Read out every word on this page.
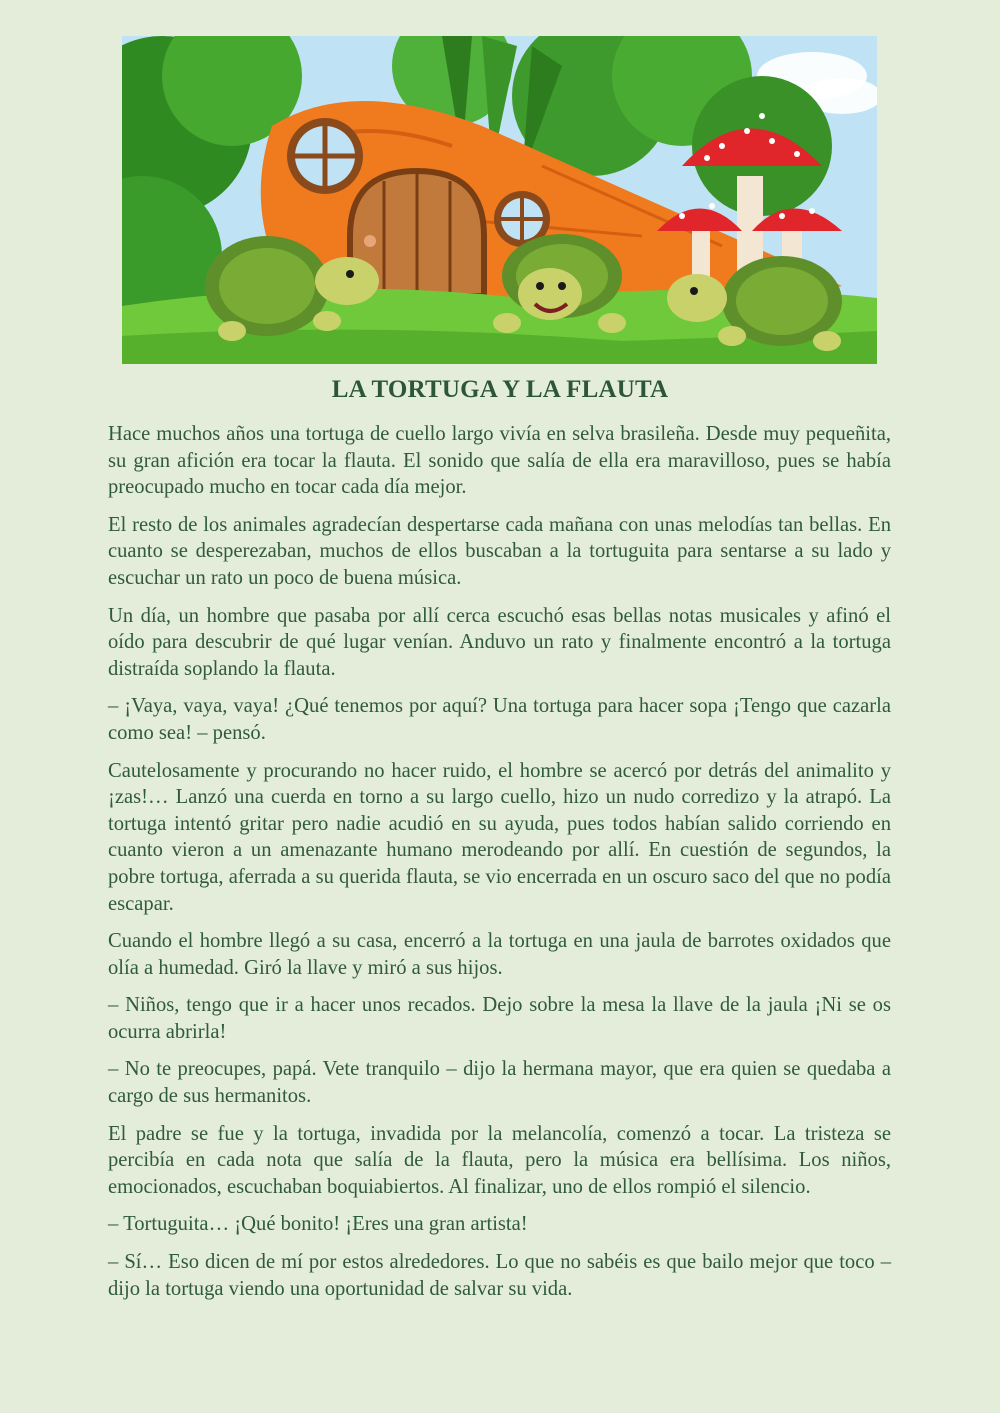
LA TORTUGA Y LA FLAUTA

Hace muchos años una tortuga de cuello largo vivía en selva brasileña. Desde muy pequeñita, su gran afición era tocar la flauta. El sonido que salía de ella era maravilloso, pues se había preocupado mucho en tocar cada día mejor.

El resto de los animales agradecían despertarse cada mañana con unas melodías tan bellas. En cuanto se desperezaban, muchos de ellos buscaban a la tortuguita para sentarse a su lado y escuchar un rato un poco de buena música.

Un día, un hombre que pasaba por allí cerca escuchó esas bellas notas musicales y afinó el oído para descubrir de qué lugar venían. Anduvo un rato y finalmente encontró a la tortuga distraída soplando la flauta.

– ¡Vaya, vaya, vaya! ¿Qué tenemos por aquí? Una tortuga para hacer sopa ¡Tengo que cazarla como sea! – pensó.

Cautelosamente y procurando no hacer ruido, el hombre se acercó por detrás del animalito y ¡zas!… Lanzó una cuerda en torno a su largo cuello, hizo un nudo corredizo y la atrapó. La tortuga intentó gritar pero nadie acudió en su ayuda, pues todos habían salido corriendo en cuanto vieron a un amenazante humano merodeando por allí. En cuestión de segundos, la pobre tortuga, aferrada a su querida flauta, se vio encerrada en un oscuro saco del que no podía escapar.

Cuando el hombre llegó a su casa, encerró a la tortuga en una jaula de barrotes oxidados que olía a humedad. Giró la llave y miró a sus hijos.

– Niños, tengo que ir a hacer unos recados. Dejo sobre la mesa la llave de la jaula ¡Ni se os ocurra abrirla!

– No te preocupes, papá. Vete tranquilo – dijo la hermana mayor, que era quien se quedaba a cargo de sus hermanitos.

El padre se fue y la tortuga, invadida por la melancolía, comenzó a tocar. La tristeza se percibía en cada nota que salía de la flauta, pero la música era bellísima. Los niños, emocionados, escuchaban boquiabiertos. Al finalizar, uno de ellos rompió el silencio.

– Tortuguita… ¡Qué bonito! ¡Eres una gran artista!

– Sí… Eso dicen de mí por estos alrededores. Lo que no sabéis es que bailo mejor que toco – dijo la tortuga viendo una oportunidad de salvar su vida.
